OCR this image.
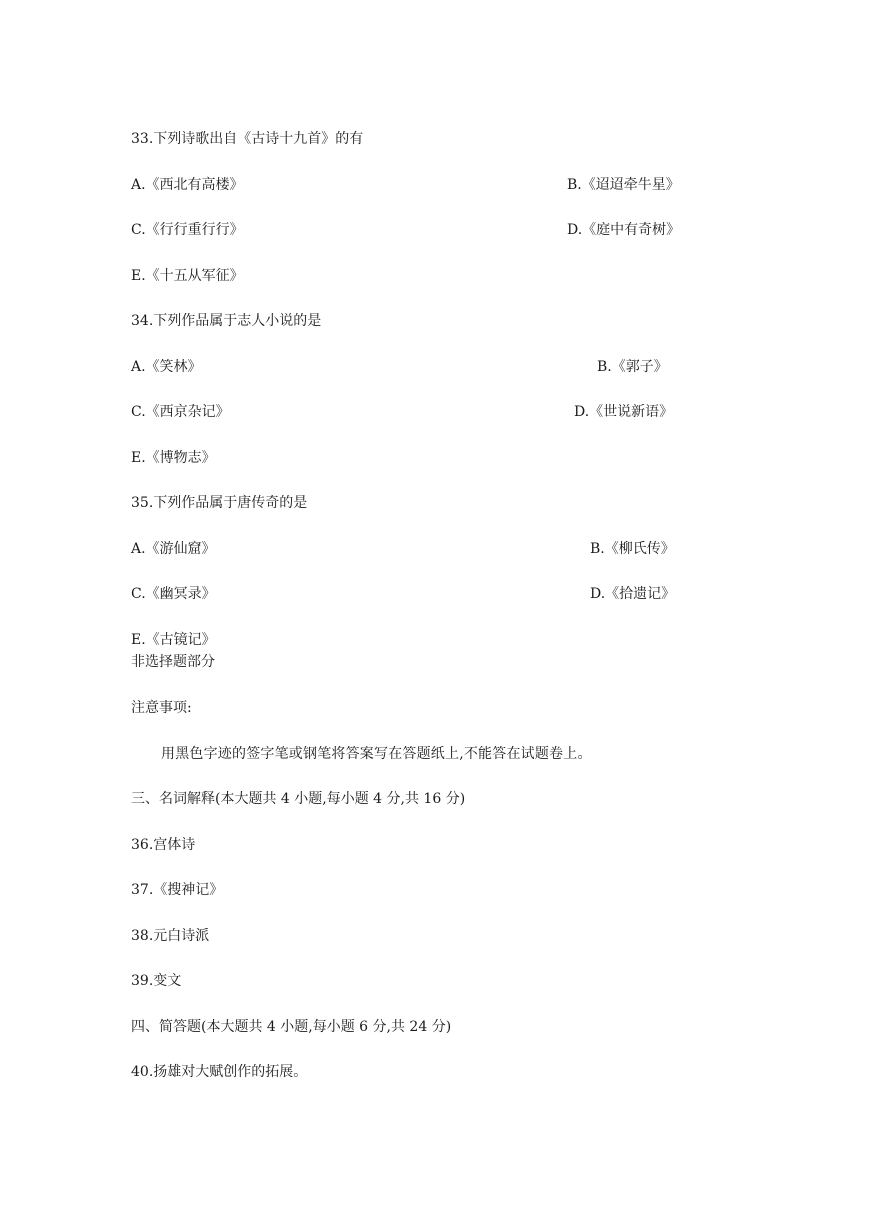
33.下列诗歌出自《古诗十九首》的有
A.《西北有高楼》	B.《迢迢牵牛星》
C.《行行重行行》	D.《庭中有奇树》
E.《十五从军征》
34.下列作品属于志人小说的是
A.《笑林》	B.《郭子》
C.《西京杂记》	D.《世说新语》
E.《博物志》
35.下列作品属于唐传奇的是
A.《游仙窟》	B.《柳氏传》
C.《幽冥录》	D.《拾遗记》
E.《古镜记》
非选择题部分
注意事项:
用黑色字迹的签字笔或钢笔将答案写在答题纸上,不能答在试题卷上。
三、名词解释(本大题共 4 小题,每小题 4 分,共 16 分)
36.宫体诗
37.《搜神记》
38.元白诗派
39.变文
四、简答题(本大题共 4 小题,每小题 6 分,共 24 分)
40.扬雄对大赋创作的拓展。
